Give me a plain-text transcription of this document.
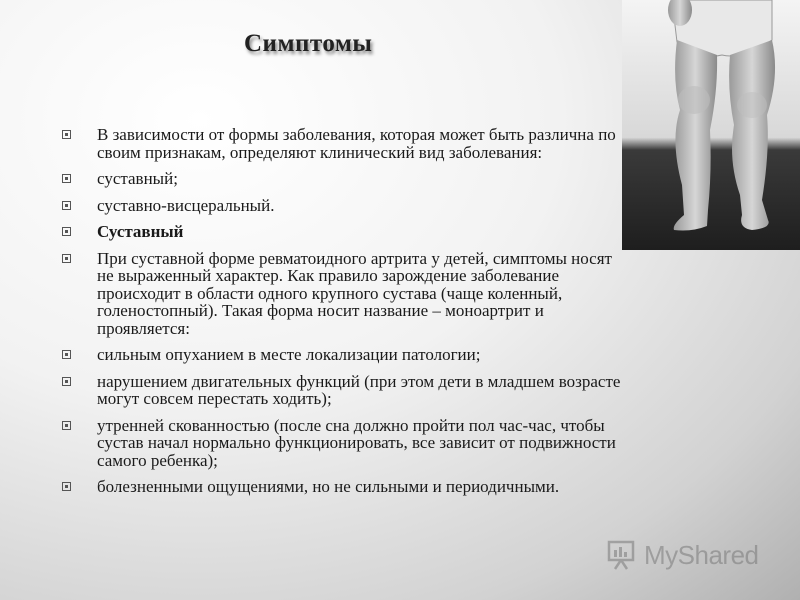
Симптомы
В зависимости от формы заболевания, которая может быть различна по своим признакам, определяют клинический вид заболевания:
суставный;
суставно-висцеральный.
Суставный
При суставной форме ревматоидного артрита у детей, симптомы носят не выраженный характер. Как правило зарождение заболевание происходит в области одного крупного сустава (чаще коленный, голеностопный). Такая форма носит название – моноартрит и проявляется:
сильным опуханием в месте локализации патологии;
нарушением двигательных функций (при этом дети в младшем возрасте могут совсем перестать ходить);
утренней скованностью (после сна должно пройти пол час-час, чтобы сустав начал нормально функционировать, все зависит от подвижности самого ребенка);
болезненными ощущениями, но не сильными и периодичными.
MyShared
